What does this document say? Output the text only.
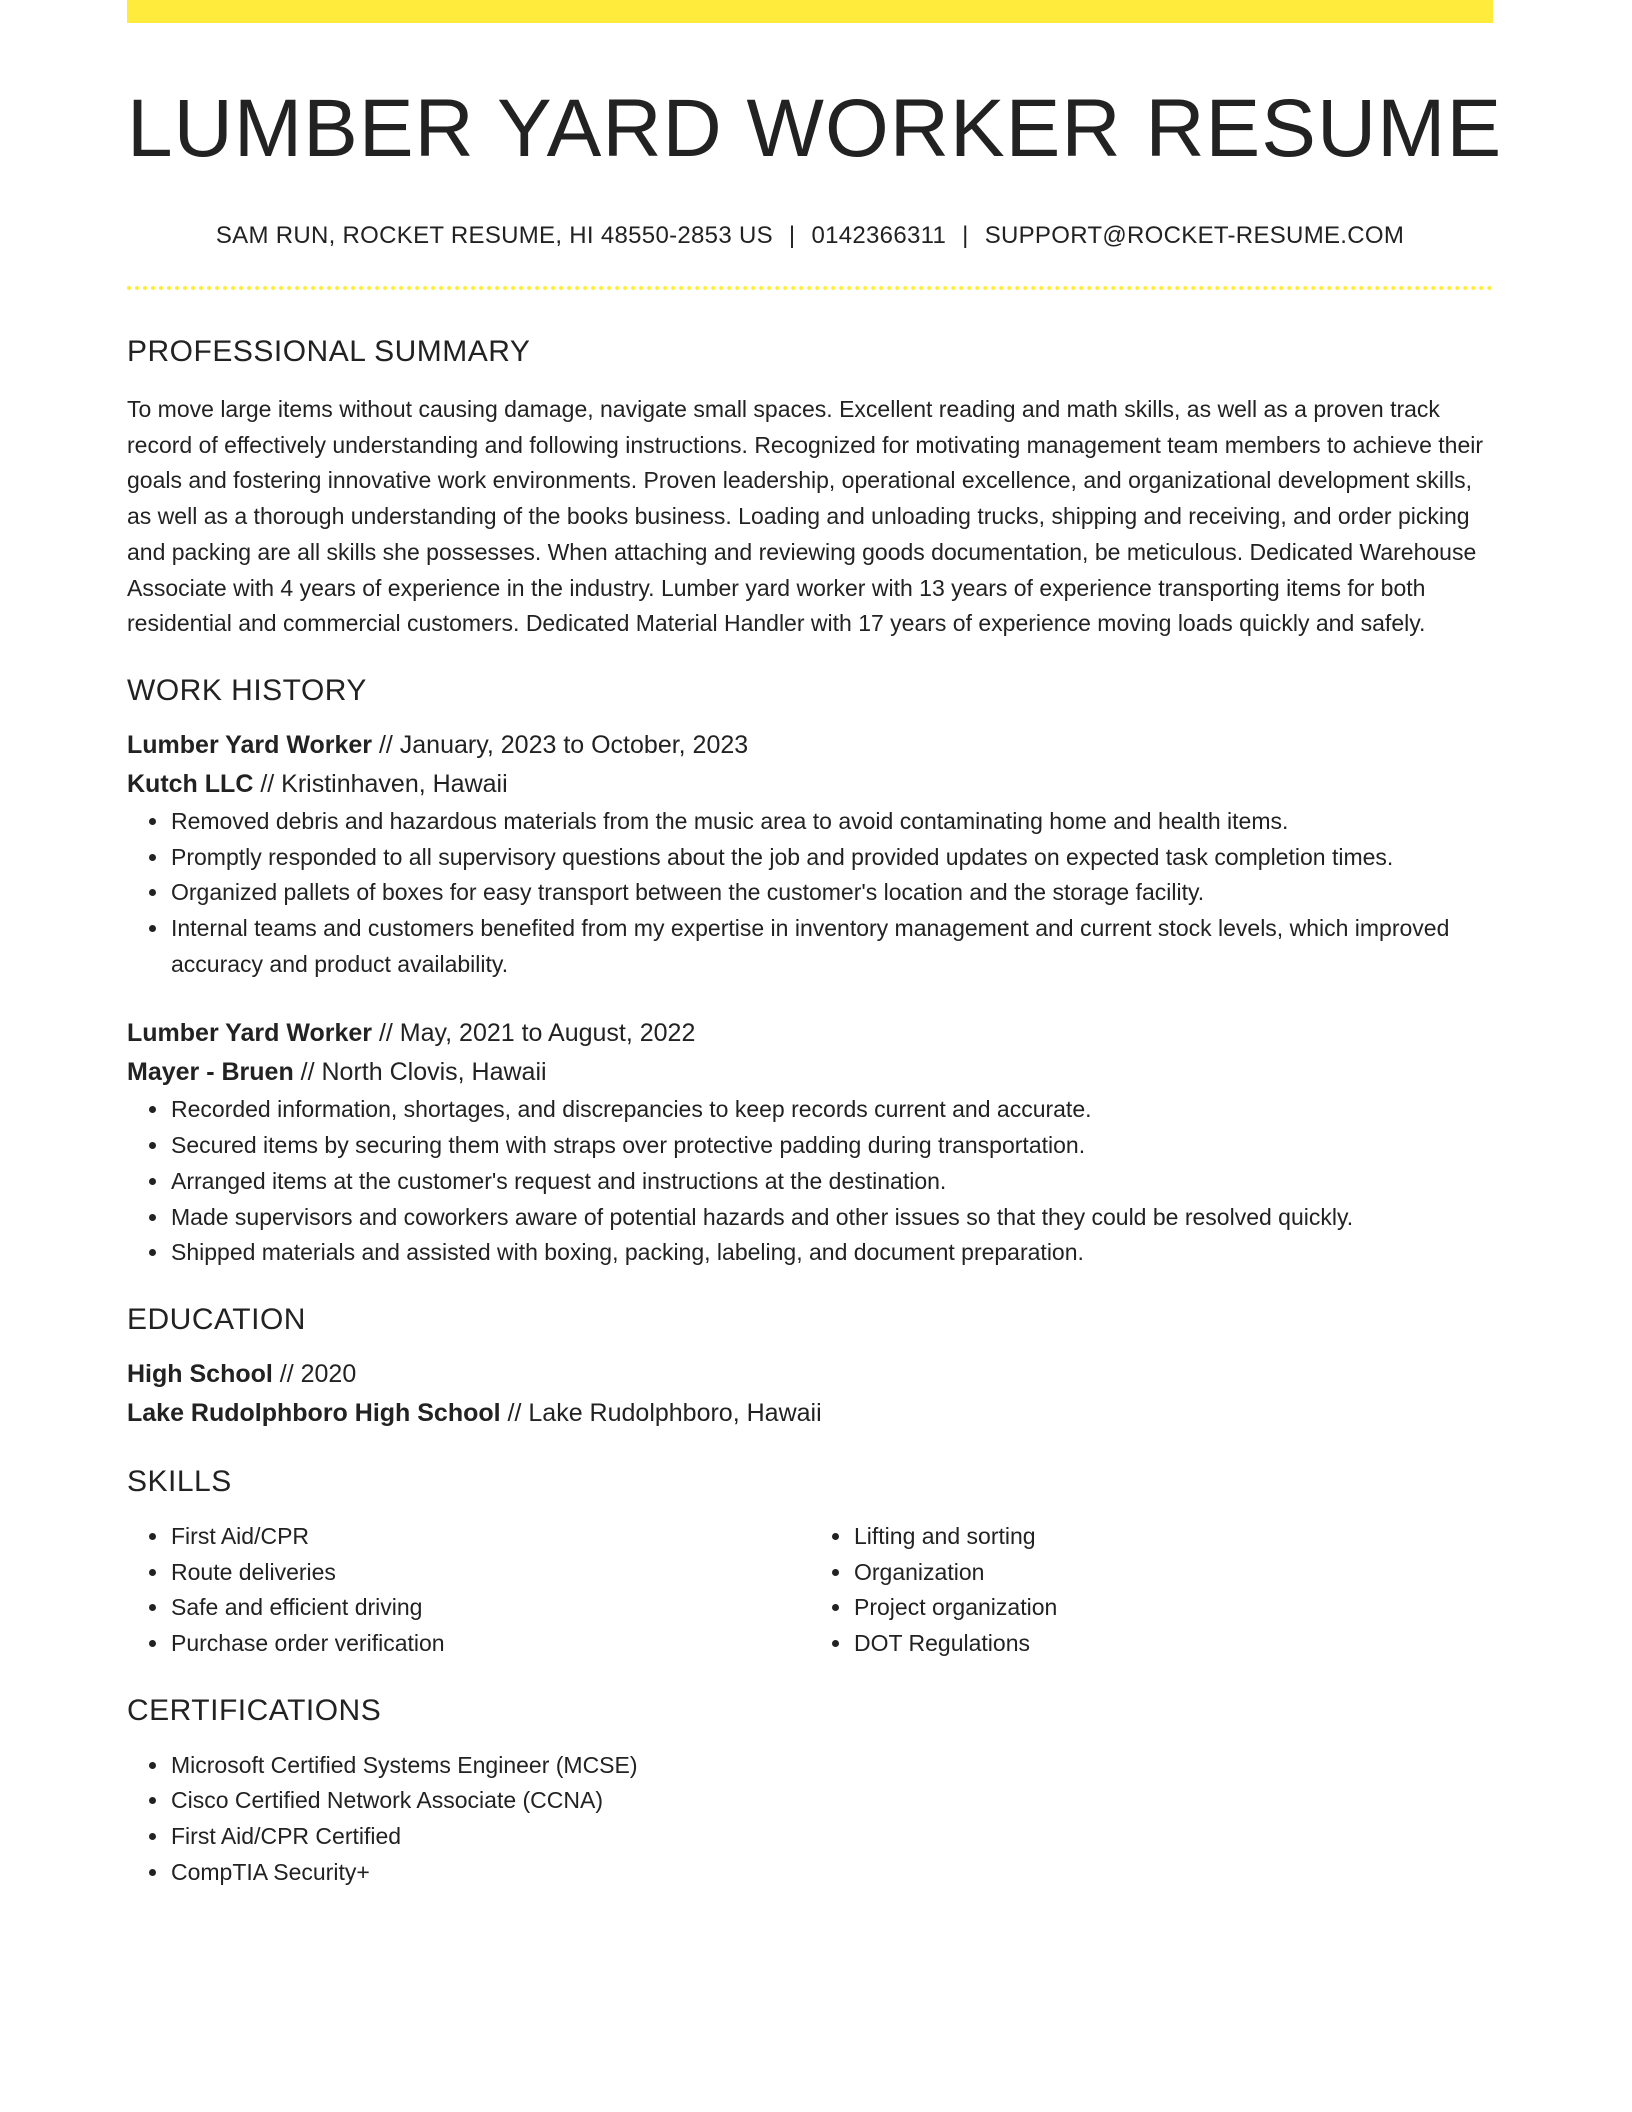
LUMBER YARD WORKER RESUME
SAM RUN, ROCKET RESUME, HI 48550-2853 US | 0142366311 | SUPPORT@ROCKET-RESUME.COM
PROFESSIONAL SUMMARY
To move large items without causing damage, navigate small spaces. Excellent reading and math skills, as well as a proven track record of effectively understanding and following instructions. Recognized for motivating management team members to achieve their goals and fostering innovative work environments. Proven leadership, operational excellence, and organizational development skills, as well as a thorough understanding of the books business. Loading and unloading trucks, shipping and receiving, and order picking and packing are all skills she possesses. When attaching and reviewing goods documentation, be meticulous. Dedicated Warehouse Associate with 4 years of experience in the industry. Lumber yard worker with 13 years of experience transporting items for both residential and commercial customers. Dedicated Material Handler with 17 years of experience moving loads quickly and safely.
WORK HISTORY
Lumber Yard Worker // January, 2023 to October, 2023
Kutch LLC // Kristinhaven, Hawaii
• Removed debris and hazardous materials from the music area to avoid contaminating home and health items.
• Promptly responded to all supervisory questions about the job and provided updates on expected task completion times.
• Organized pallets of boxes for easy transport between the customer's location and the storage facility.
• Internal teams and customers benefited from my expertise in inventory management and current stock levels, which improved accuracy and product availability.
Lumber Yard Worker // May, 2021 to August, 2022
Mayer - Bruen // North Clovis, Hawaii
• Recorded information, shortages, and discrepancies to keep records current and accurate.
• Secured items by securing them with straps over protective padding during transportation.
• Arranged items at the customer's request and instructions at the destination.
• Made supervisors and coworkers aware of potential hazards and other issues so that they could be resolved quickly.
• Shipped materials and assisted with boxing, packing, labeling, and document preparation.
EDUCATION
High School // 2020
Lake Rudolphboro High School // Lake Rudolphboro, Hawaii
SKILLS
• First Aid/CPR
• Route deliveries
• Safe and efficient driving
• Purchase order verification
• Lifting and sorting
• Organization
• Project organization
• DOT Regulations
CERTIFICATIONS
• Microsoft Certified Systems Engineer (MCSE)
• Cisco Certified Network Associate (CCNA)
• First Aid/CPR Certified
• CompTIA Security+
